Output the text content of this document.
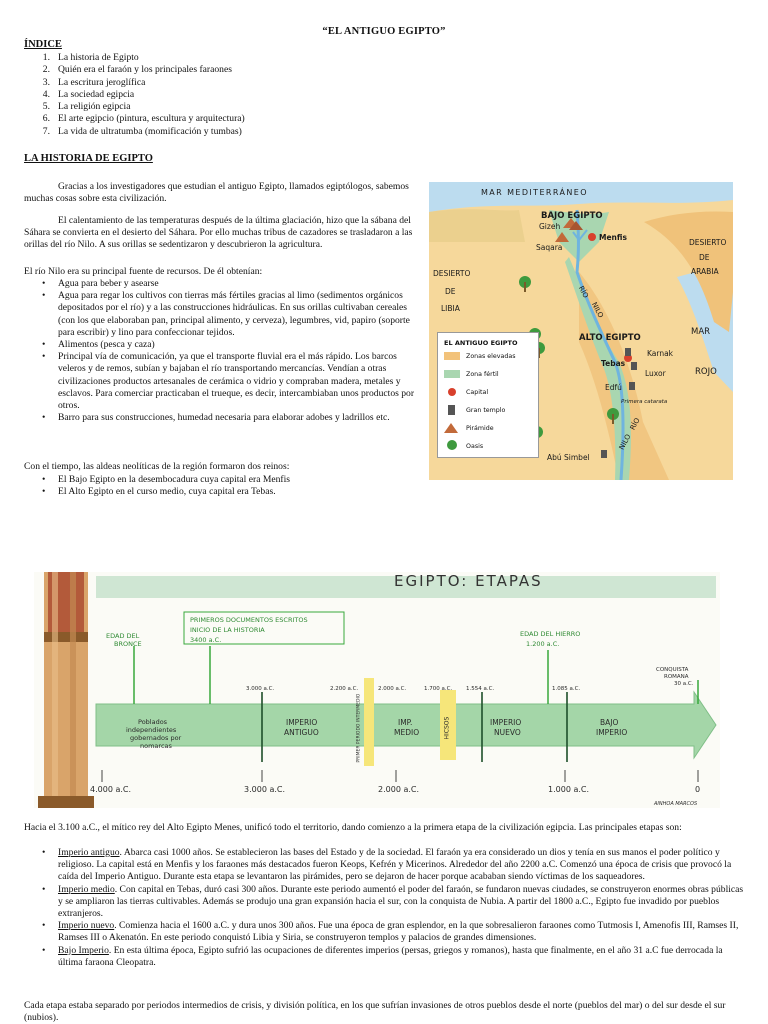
“EL ANTIGUO EGIPTO”
ÍNDICE
1. La historia de Egipto
2. Quién era el faraón y los principales faraones
3. La escritura jeroglífica
4. La sociedad egipcia
5. La religión egipcia
6. El arte egipcio (pintura, escultura y arquitectura)
7. La vida de ultratumba (momificación y tumbas)
LA HISTORIA DE EGIPTO

Gracias a los investigadores que estudian el antiguo Egipto, llamados egiptólogos, sabemos muchas cosas sobre esta civilización.

El calentamiento de las temperaturas después de la última glaciación, hizo que la sábana del Sáhara se convierta en el desierto del Sáhara. Por ello muchas tribus de cazadores se trasladaron a las orillas del río Nilo. A sus orillas se sedentizaron y descubrieron la agricultura.

El río Nilo era su principal fuente de recursos. De él obtenían:

• Agua para beber y asearse
• Agua para regar los cultivos con tierras más fértiles gracias al limo (sedimentos orgánicos depositados por el río) y a las construcciones hidráulicas. En sus orillas cultivaban cereales (con los que elaboraban pan, principal alimento, y cerveza), legumbres, vid, papiro (soporte para escribir) y lino para confeccionar tejidos.
• Alimentos (pesca y caza)
• Principal vía de comunicación, ya que el transporte fluvial era el más rápido. Los barcos veleros y de remos, subían y bajaban el río transportando mercancías. Vendían a otras civilizaciones productos artesanales de cerámica o vidrio y compraban madera, metales y esclavos. Para comerciar practicaban el trueque, es decir, intercambiaban unos productos por otros.
• Barro para sus construcciones, humedad necesaria para elaborar adobes y ladrillos etc.

Con el tiempo, las aldeas neolíticas de la región formaron dos reinos:

• El Bajo Egipto en la desembocadura cuya capital era Menfis
• El Alto Egipto en el curso medio, cuya capital era Tebas.
MAR MEDITERRÁNEO
BAJO EGIPTO
Gizeh
Saqara
Menfis
DESIERTO
DE
LIBIA
DESIERTO
DE
ARABIA
MAR
ROJO
RÍO
NILO
ALTO EGIPTO
Karnak
Tebas
Luxor
Edfú
Primera catarata
Abú Simbel
RÍO
NILO
EL ANTIGUO EGIPTO
Zonas elevadas
Zona fértil
Capital
Gran templo
Pirámide
Oasis
EGIPTO: ETAPAS
PRIMEROS DOCUMENTOS ESCRITOS
INICIO DE LA HISTORIA
3400 a.C.
EDAD DEL
BRONCE
EDAD DEL HIERRO
1.200 a.C.
CONQUISTA
ROMANA
30 a.C.
3.000 a.C.	2.200 a.C.	2.000 a.C.	1.700 a.C.	1.554 a.C.	1.085 a.C.
Poblados
independientes
gobernados por
nomarcas
IMPERIO
ANTIGUO
IMP.
MEDIO
IMPERIO
NUEVO
BAJO
IMPERIO
PRIMER PERIODO INTERMEDIO	HICSOS
4.000 a.C.	3.000 a.C.	2.000 a.C.	1.000 a.C.	0
AINHOA MARCOS

Hacia el 3.100 a.C., el mítico rey del Alto Egipto Menes, unificó todo el territorio, dando comienzo a la primera etapa de la civilización egipcia. Las principales etapas son:

• Imperio antiguo. Abarca casi 1000 años. Se establecieron las bases del Estado y de la sociedad. El faraón ya era considerado un dios y tenía en sus manos el poder político y religioso. La capital está en Menfis y los faraones más destacados fueron Keops, Kefrén y Micerinos. Alrededor del año 2200 a.C. Comenzó una época de crisis que provocó la caída del Imperio Antiguo. Durante esta etapa se levantaron las pirámides, pero se dejaron de hacer porque acababan siendo víctimas de los saqueadores.
• Imperio medio. Con capital en Tebas, duró casi 300 años. Durante este periodo aumentó el poder del faraón, se fundaron nuevas ciudades, se construyeron enormes obras públicas y se ampliaron las tierras cultivables. Además se produjo una gran expansión hacia el sur, con la conquista de Nubia. A partir del 1800 a.C., Egipto fue invadido por pueblos extranjeros.
• Imperio nuevo. Comienza hacia el 1600 a.C. y dura unos 300 años. Fue una época de gran esplendor, en la que sobresalieron faraones como Tutmosis I, Amenofis III, Ramses II, Ramses III o Akenatón. En este periodo conquistó Libia y Siria, se construyeron templos y palacios de grandes dimensiones.
• Bajo Imperio. En esta última época, Egipto sufrió las ocupaciones de diferentes imperios (persas, griegos y romanos), hasta que finalmente, en el año 31 a.C fue derrocada la última faraona Cleopatra.

Cada etapa estaba separado por periodos intermedios de crisis, y división política, en los que sufrían invasiones de otros pueblos desde el norte (pueblos del mar) o del sur desde el sur (nubios).
